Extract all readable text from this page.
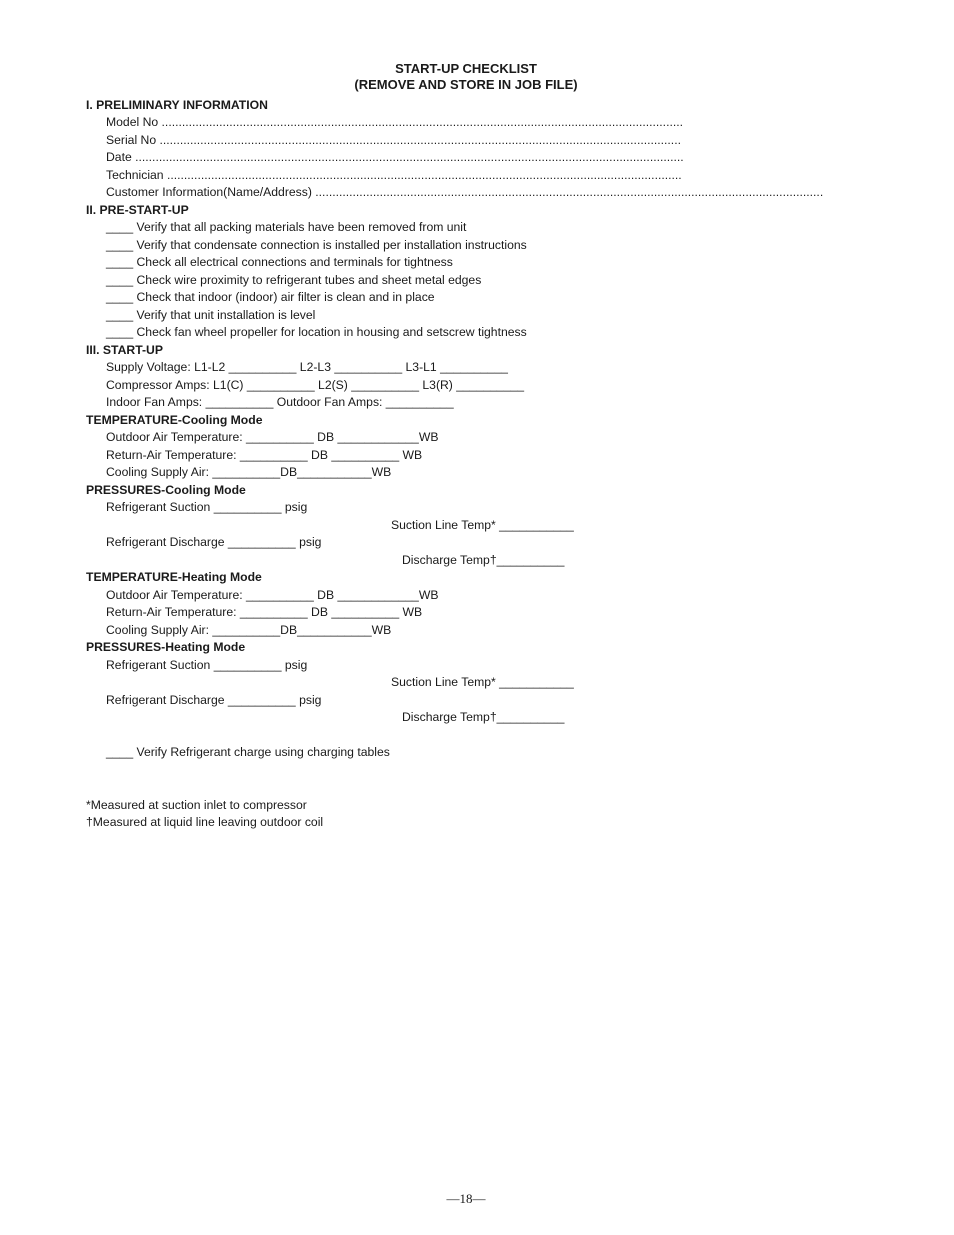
START-UP CHECKLIST
(REMOVE AND STORE IN JOB FILE)
I. PRELIMINARY INFORMATION
Model No ..........................................................................................................................................................
Serial No ..........................................................................................................................................................
Date ..................................................................................................................................................................
Technician ........................................................................................................................................................
Customer Information(Name/Address) ......................................................................................................................................................
II. PRE-START-UP
____ Verify that all packing materials have been removed from unit
____ Verify that condensate connection is installed per installation instructions
____ Check all electrical connections and terminals for tightness
____ Check wire proximity to refrigerant tubes and sheet metal edges
____ Check that indoor (indoor) air filter is clean and in place
____ Verify that unit installation is level
____ Check fan wheel propeller for location in housing and setscrew tightness
III. START-UP
Supply Voltage: L1-L2 __________ L2-L3 __________ L3-L1 __________
Compressor Amps: L1(C) __________ L2(S) __________ L3(R) __________
Indoor Fan Amps: __________ Outdoor Fan Amps: __________
TEMPERATURE-Cooling Mode
Outdoor Air Temperature: __________ DB ____________WB
Return-Air Temperature: __________ DB __________ WB
Cooling Supply Air: __________DB___________WB
PRESSURES-Cooling Mode
Refrigerant Suction __________ psig
Suction Line Temp* ___________
Refrigerant Discharge __________ psig
Discharge Temp†__________
TEMPERATURE-Heating Mode
Outdoor Air Temperature: __________ DB ____________WB
Return-Air Temperature: __________ DB __________ WB
Cooling Supply Air: __________DB___________WB
PRESSURES-Heating Mode
Refrigerant Suction __________ psig
Suction Line Temp* ___________
Refrigerant Discharge __________ psig
Discharge Temp†__________
____ Verify Refrigerant charge using charging tables
*Measured at suction inlet to compressor
†Measured at liquid line leaving outdoor coil
—18—
